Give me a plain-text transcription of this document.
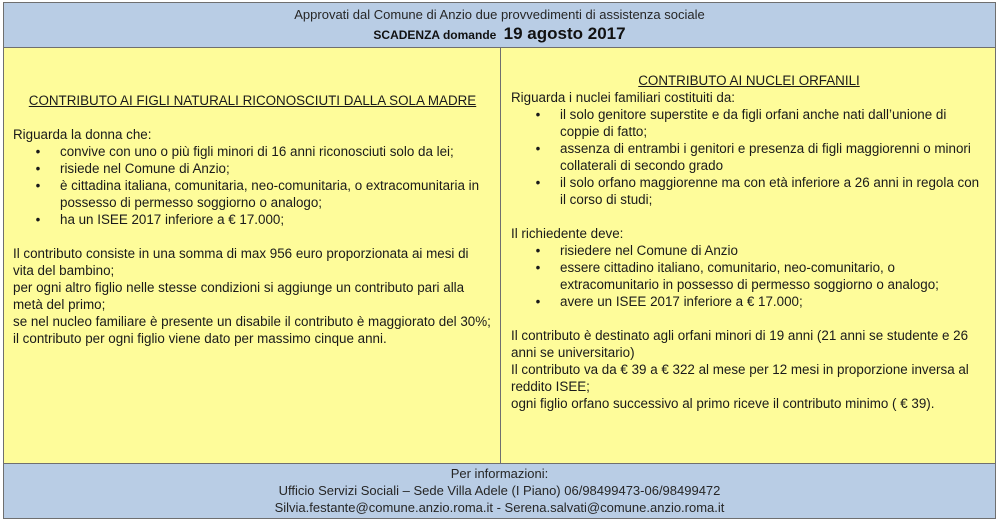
Approvati dal Comune di Anzio due provvedimenti di assistenza sociale
SCADENZA domande 19 agosto 2017
CONTRIBUTO AI FIGLI NATURALI RICONOSCIUTI DALLA SOLA MADRE

Riguarda la donna che:

• convive con uno o più figli minori di 16 anni riconosciuti solo da lei;
• risiede nel Comune di Anzio;
• è cittadina italiana, comunitaria, neo-comunitaria, o extracomunitaria in possesso di permesso soggiorno o analogo;
• ha un ISEE 2017 inferiore a € 17.000;

Il contributo consiste in una somma di max 956 euro proporzionata ai mesi di vita del bambino;

per ogni altro figlio nelle stesse condizioni si aggiunge un contributo pari alla metà del primo;

se nel nucleo familiare è presente un disabile il contributo è maggiorato del 30%;

il contributo per ogni figlio viene dato per massimo cinque anni.

CONTRIBUTO AI NUCLEI ORFANILI

Riguarda i nuclei familiari costituiti da:

• il solo genitore superstite e da figli orfani anche nati dall’unione di coppie di fatto;
• assenza di entrambi i genitori e presenza di figli maggiorenni o minori collaterali di secondo grado
• il solo orfano maggiorenne ma con età inferiore a 26 anni in regola con il corso di studi;

Il richiedente deve:

• risiedere nel Comune di Anzio
• essere cittadino italiano, comunitario, neo-comunitario, o extracomunitario in possesso di permesso soggiorno o analogo;
• avere un ISEE 2017 inferiore a € 17.000;

Il contributo è destinato agli orfani minori di 19 anni (21 anni se studente e 26 anni se universitario)

Il contributo va da € 39 a € 322 al mese per 12 mesi in proporzione inversa al reddito ISEE;

ogni figlio orfano successivo al primo riceve il contributo minimo ( € 39).

Per informazioni:
Ufficio Servizi Sociali – Sede Villa Adele (I Piano) 06/98499473-06/98499472
Silvia.festante@comune.anzio.roma.it - Serena.salvati@comune.anzio.roma.it
